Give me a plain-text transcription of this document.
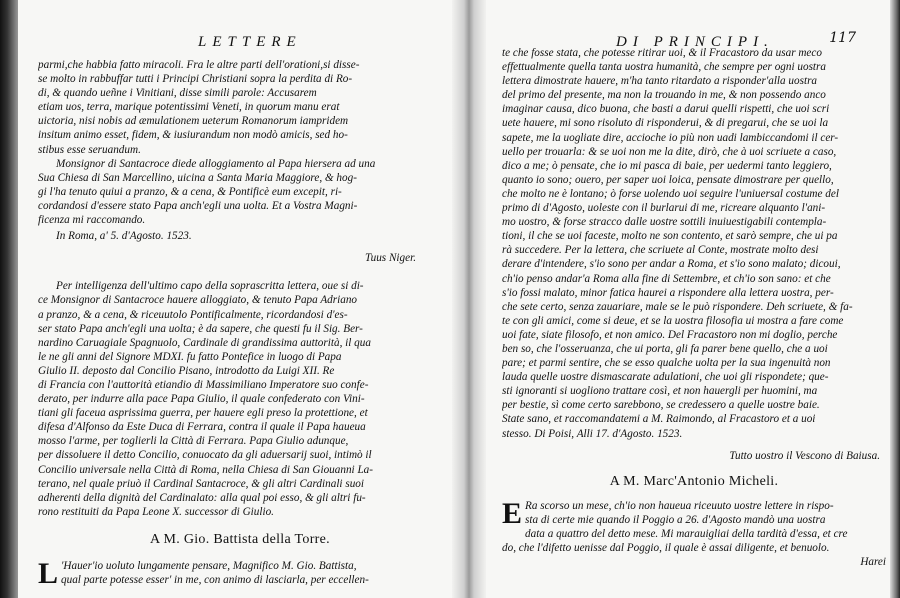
LETTERE
parmi,che habbia fatto miracoli. Fra le altre parti dell'orationi,si disse-
se molto in rabbuffar tutti i Principi Christiani sopra la perdita di Ro-
di, & quando ueñne i Vinitiani, disse simili parole: Accusarem
etiam uos, terra, marique potentissimi Veneti, in quorum manu erat
uictoria, nisi nobis ad æmulationem ueterum Romanorum iampridem
insitum animo esset, fidem, & iusiurandum non modò amicis, sed ho-
stibus esse seruandum.
Monsignor di Santacroce diede alloggiamento al Papa hiersera ad una
Sua Chiesa di San Marcellino, uicina a Santa Maria Maggiore, & hog-
gi l'ha tenuto quiui a pranzo, & a cena, & Pontificè eum excepit, ri-
cordandosi d'essere stato Papa anch'egli una uolta. Et a Vostra Magni-
ficenza mi raccomando.
In Roma, a' 5. d'Agosto. 1523.
Tuus Niger.
Per intelligenza dell'ultimo capo della soprascritta lettera, oue si di-
ce Monsignor di Santacroce hauere alloggiato, & tenuto Papa Adriano
a pranzo, & a cena, & riceuutolo Pontificalmente, ricordandosi d'es-
ser stato Papa anch'egli una uolta; è da sapere, che questi fu il Sig. Ber-
nardino Caruagiale Spagnuolo, Cardinale di grandissima auttorità, il qua
le ne gli anni del Signore MDXI. fu fatto Pontefice in luogo di Papa
Giulio II. deposto dal Concilio Pisano, introdotto da Luigi XII. Re
di Francia con l'auttorità etiandio di Massimiliano Imperatore suo confe-
derato, per indurre alla pace Papa Giulio, il quale confederato con Vini-
tiani gli faceua asprissima guerra, per hauere egli preso la protettione, et
difesa d'Alfonso da Este Duca di Ferrara, contra il quale il Papa haueua
mosso l'arme, per toglierli la Città di Ferrara. Papa Giulio adunque,
per dissoluere il detto Concilio, conuocato da gli aduersarij suoi, intimò il
Concilio universale nella Città di Roma, nella Chiesa di San Giouanni La-
terano, nel quale priuò il Cardinal Santacroce, & gli altri Cardinali suoi
adherenti della dignità del Cardinalato: alla qual poi esso, & gli altri fu-
rono restituiti da Papa Leone X. successor di Giulio.
A M. Gio. Battista della Torre.
L 'Hauer'io uoluto lungamente pensare, Magnifico M. Gio. Battista,
qual parte potesse esser' in me, con animo di lasciarla, per eccellen-
DI PRINCIPI.	117
te che fosse stata, che potesse ritirar uoi, & il Fracastoro da usar meco
effettualmente quella tanta uostra humanità, che sempre per ogni uostra
lettera dimostrate hauere, m'ha tanto ritardato a risponder'alla uostra
del primo del presente, ma non la trouando in me, & non possendo anco
imaginar causa, dico buona, che basti a darui quelli rispetti, che uoi scri
uete hauere, mi sono risoluto di risponderui, & di pregarui, che se uoi la
sapete, me la uogliate dire, accioche io più non uadi lambiccandomi il cer-
uello per trouarla: & se uoi non me la dite, dirò, che à uoi scriuete a caso,
dico a me; ò pensate, che io mi pasca di baie, per uedermi tanto leggiero,
quanto io sono; ouero, per saper uoi loica, pensate dimostrare per quello,
che molto ne è lontano; ò forse uolendo uoi seguire l'uniuersal costume del
primo di d'Agosto, uoleste con il burlarui di me, ricreare alquanto l'ani-
mo uostro, & forse stracco dalle uostre sottili inuiuestigabili contempla-
tioni, il che se uoi faceste, molto ne son contento, et sarò sempre, che ui pa
rà succedere. Per la lettera, che scriuete al Conte, mostrate molto desi
derare d'intendere, s'io sono per andar a Roma, et s'io sono malato; dicoui,
ch'io penso andar'a Roma alla fine di Settembre, et ch'io son sano: et che
s'io fossi malato, minor fatica haurei a rispondere alla lettera uostra, per-
che sete certo, senza zauariare, male se le può rispondere. Deh scriuete, & fa-
te con gli amici, come si deue, et se la uostra filosofia ui mostra a fare come
uoi fate, siate filosofo, et non amico. Del Fracastoro non mi doglio, perche
ben so, che l'osseruanza, che ui porta, gli fa parer bene quello, che a uoi
pare; et parmi sentire, che se esso qualche uolta per la sua ingenuità non
lauda quelle uostre dismascarate adulationi, che uoi gli rispondete; que-
sti ignoranti si uogliono trattare così, et non hauergli per huomini, ma
per bestie, sì come certo sarebbono, se credessero a quelle uostre baie.
State sano, et raccomandatemi a M. Raimondo, al Fracastoro et a uoi
stesso. Di Poisi, Alli 17. d'Agosto. 1523.
Tutto uostro il Vescono di Baiusa.
A M. Marc'Antonio Micheli.
E Ra scorso un mese, ch'io non haueua riceuuto uostre lettere in rispo-
sta di certe mie quando il Poggio a 26. d'Agosto mandò una uostra
data a quattro del detto mese. Mi marauigliai della tardità d'essa, et cre
do, che l'difetto uenisse dal Poggio, il quale è assai diligente, et benuolo.
Harei
